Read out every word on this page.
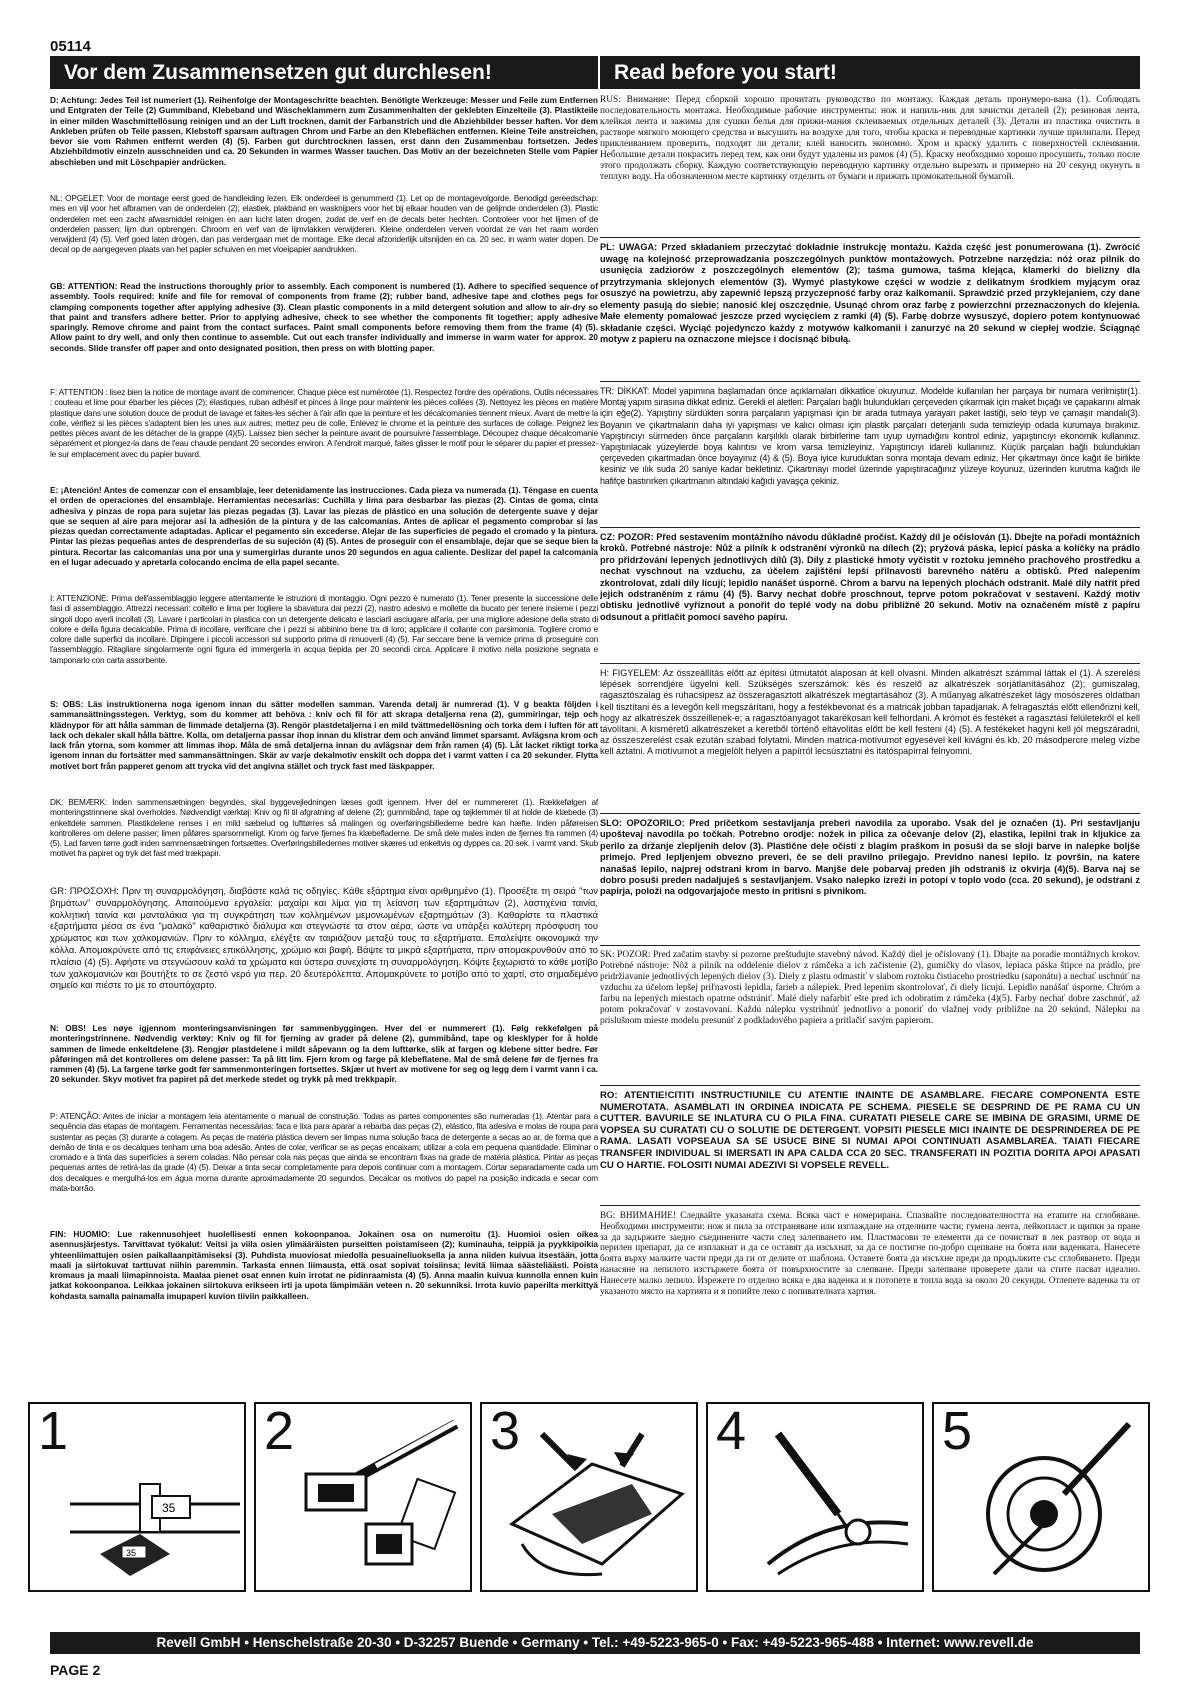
05114
Vor dem Zusammensetzen gut durchlesen!	Read before you start!
D: Achtung: Jedes Teil ist numeriert (1). Reihenfolge der Montageschritte beachten. Benötigte Werkzeuge: Messer und Feile zum Entfernen und Entgraten der Teile (2) Gummiband, Klebeband und Wäscheklammern zum Zusammenhalten der geklebten Einzelteile (3). Plastikteile in einer milden Waschmittellösung reinigen und an der Luft trocknen, damit der Farbanstrich und die Abziehbilder besser haften. Vor dem Ankleben prüfen ob Teile passen, Klebstoff sparsam auftragen Chrom und Farbe an den Klebeflächen entfernen. Kleine Teile anstreichen, bevor sie vom Rahmen entfernt werden (4) (5). Farben gut durchtrocknen lassen, erst dann den Zusammenbau fortsetzen. Jedes Abziehbildmotiv einzeln ausschneiden und ca. 20 Sekunden in warmes Wasser tauchen. Das Motiv an der bezeichneten Stelle vom Papier abschieben und mit Löschpapier andrücken.
NL: OPGELET: Voor de montage eerst goed de handleiding lezen. Elk onderdeel is genummerd (1). Let op de montagevolgorde. Benodigd gereedschap: mes en vijl voor het afbramen van de onderdelen (2); elastiek, plakband en wasknijpers voor het bij elkaar houden van de gelijmde onderdelen (3). Plastic onderdelen met een zacht afwasmiddel reinigen en aan lucht laten drogen, zodat de verf en de decals beter hechten. Controleer voor het lijmen of de onderdelen passen; lijm dun opbrengen. Chroom en verf van de lijmvlakken verwijderen. Kleine onderdelen verven voordat ze van het raam worden verwijderd (4) (5). Verf goed laten drogen, dan pas verdergaan met de montage. Elke decal afzonderlijk uitsnijden en ca. 20 sec. in warm water dopen. De decal op de aangegeven plaats van het papier schuiven en met vloeipapier aandrukken.
GB: ATTENTION: Read the instructions thoroughly prior to assembly. Each component is numbered (1). Adhere to specified sequence of assembly. Tools required: knife and file for removal of components from frame (2); rubber band, adhesive tape and clothes pegs for clamping components together after applying adhesive (3). Clean plastic components in a mild detergent solution and allow to air-dry so that paint and transfers adhere better. Prior to applying adhesive, check to see whether the components fit together; apply adhesive sparingly. Remove chrome and paint from the contact surfaces. Paint small components before removing them from the frame (4) (5). Allow paint to dry well, and only then continue to assemble. Cut out each transfer individually and immerse in warm water for approx. 20 seconds. Slide transfer off paper and onto designated position, then press on with blotting paper.
F: ATTENTION : lisez bien la notice de montage avant de commencer. Chaque pièce est numérotée (1). Respectez l'ordre des opérations. Outils nécessaires : couteau et lime pour ébarber les pièces (2); élastiques, ruban adhésif et pinces à linge pour maintenir les pièces collées (3). Nettoyez les pièces en matière plastique dans une solution douce de produit de lavage et faites-les sécher à l'air afin que la peinture et les décalcomanies tiennent mieux. Avant de mettre la colle, vérifiez si les pièces s'adaptent bien les unes aux autres; mettez peu de colle. Enlevez le chrome et la peinture des surfaces de collage. Peignez les petites pièces avant de les détacher de la grappe (4)(5). Laissez bien sécher la peinture avant de poursuivre l'assemblage. Découpez chaque décalcomanie séparément et plongez-la dans de l'eau chaude pendant 20 secondes environ. A l'endroit marqué, faites glisser le motif pour le séparer du papier et pressez-le sur emplacement avec du papier buvard.
E: ¡Atención! Antes de comenzar con el ensamblaje, leer detenidamente las instrucciones. Cada pieza va numerada (1). Téngase en cuenta el orden de operaciones del ensamblaje. Herramientas necesarias: Cuchilla y lima para desbarbar las piezas (2). Cintas de goma, cinta adhesiva y pinzas de ropa para sujetar las piezas pegadas (3). Lavar las piezas de plástico en una solución de detergente suave y dejar que se sequen al aire para mejorar así la adhesión de la pintura y de las calcomanías. Antes de aplicar el pegamento comprobar si las piezas quedan correctamente adaptadas. Aplicar el pegamento sin excederse. Alejar de las superficies de pegado el cromado y la pintura. Pintar las piezas pequeñas antes de desprenderlas de su sujeción (4) (5). Antes de proseguir con el ensamblaje, dejar que se seque bien la pintura. Recortar las calcomanías una por una y sumergirlas durante unos 20 segundos en agua caliente. Deslizar del papel la calcomanía en el lugar adecuado y apretarla colocando encima de ella papel secante.
I: ATTENZIONE: Prima dell'assemblaggio leggere attentamente le istruzioni di montaggio. Ogni pezzo è numerato (1). Tener presente la successione delle fasi di assemblaggio. Attrezzi necessari: coltello e lima per togliere la sbavatura dai pezzi (2), nastro adesivo e mollette da bucato per tenere insieme i pezzi singoli dopo averli incollati (3). Lavare i particolari in plastica con un detergente delicato e lasciarli asciugare all'aria, per una migliore adesione della strato di colore e della figura decalcabile. Prima di incollare, verificare che i pezzi si abbinino bene tra di loro; applicare il collante con parsimonia. Togliere cromo e colore dalle superfici da incollare. Dipingere i piccoli accessori sul supporto prima di rimuoverli (4) (5). Far seccare bene la vernice prima di proseguire con l'assemblaggio. Ritagliare singolarmente ogni figura ed immergerla in acqua tiepida per 20 secondi circa. Applicare il motivo nella posizione segnata e tamponarlo con carta assorbente.
S: OBS: Läs instruktionerna noga igenom innan du sätter modellen samman. Varenda detalj är numrerad (1). V g beakta följden i sammansättningsstegen. Verktyg, som du kommer att behöva : kniv och fil för att skrapa detaljerna rena (2), gummiringar, tejp och klädnypor för att hålla samman de limmade detaljerna (3). Rengör plastdetaljerna i en mild tvättmedellösning och torka dem i luften för att lack och dekaler skall hålla bättre. Kolla, om detaljerna passar ihop innan du klistrar dem och använd limmet sparsamt. Avlägsna krom och lack från ytorna, som kommer att limmas ihop. Måla de små detaljerna innan du avlägsnar dem från ramen (4) (5). Låt lacket riktigt torka igenom innan du fortsätter med sammansättningen. Skär av varje dekalmotiv enskilt och doppa det i varmt vatten i ca 20 sekunder. Flytta motivet bort från papperet genom att trycka vid det angivna stället och tryck fast med läskpapper.
DK: BEMÆRK: Inden sammensætningen begyndes, skal byggevejledningen læses godt igennem. Hver del er nummereret (1). Rækkefølgen af monteringstrinnene skal overholdes. Nødvendigt værktøj: Kniv og fil til afgratning af delene (2); gummibånd, tape og tøjklemmer til at holde de klæbede (3) enkeltdele sammen. Plastikdelene renses i en mild sæbelud og lufttørres så malingen og overføringsbillederne bedre kan hæfte. Inden påføreisen kontrolleres om delene passer; limen påføres sparsommeligt. Krom og farve fjernes fra klæbefladerne. De små dele males inden de fjernes fra rammen (4) (5). Lad farven tørre godt inden sammensætningen fortsættes. Overføringsbilledernes motiver skæres ud enkeltvis og dyppes ca. 20 sek. i varmt vand. Skub motivet fra papiret og tryk det fast med trækpapir.
GR: ΠΡΟΣΟΧΗ: Πριν τη συναρμολόγηση, διαβάστε καλά τις οδηγίες. Κάθε εξάρτημα είναι αριθμημένο (1). Προσέξτε τη σειρά "των βημάτων" συναρμολόγησης. Απαιτούμενα εργαλεία: μαχαίρι και λίμα για τη λείανση των εξαρτημάτων (2), λαστιχένια ταινία, κολλητική ταινία και μανταλάκια για τη συγκράτηση των κολλημένων μεμονωμένων εξαρτημάτων (3). Καθαρίστε τα πλαστικά εξαρτήματα μέσα σε ένα "μαλακό" καθαριστικό διάλυμα και στεγνώστε τα στον αέρα, ώστε να υπάρξει καλύτερη πρόσφυση του χρώματος και των χαλκομανιών. Πριν το κόλλημα, ελέγξτε αν ταιριάζουν μεταξύ τους τα εξαρτήματα. Επαλείψτε οικονομικά την κόλλα. Απομακρύνετε από τις επιφάνειες επικόλλησης, χρώμιο και βαφή. Βάψτε τα μικρά εξαρτήματα, πριν απομακρυνθούν από το πλαίσιο (4) (5). Αφήστε να στεγνώσουν καλά τα χρώματα και ύστερα συνεχίστε τη συναρμολόγηση. Κόψτε ξεχωριστά το κάθε μοτίβο των χαλκομανιών και βουτήξτε το σε ζεστό νερό για περ. 20 δευτερόλεπτα. Απομακρύνετε το μοτίβο από το χαρτί, στο σημαδεμένο σημείο και πιέστε το με το στουπόχαρτο.
N: OBS! Les nøye igjennom monteringsanvisningen før sammenbyggingen. Hver del er nummerert (1). Følg rekkefølgen på monteringstrinnene. Nødvendig verktøy: Kniv og fil for fjerning av grader på delene (2), gummibånd, tape og klesklyper for å holde sammen de limede enkeltdelene (3). Rengjør plastdelene i mildt såpevann og la dem lufttørke, slik at fargen og klebene sitter bedre. Før påføringen må det kontrolleres om delene passer: Ta på litt lim. Fjern krom og farge på klebeflatene. Mal de små delene før de fjernes fra rammen (4) (5). La fargene tørke godt før sammenmonteringen fortsettes. Skjær ut hvert av motivene for seg og legg dem i varmt vann i ca. 20 sekunder. Skyv motivet fra papiret på det merkede stedet og trykk på med trekkpapir.
P: ATENÇÃO: Antes de iniciar a montagem leia atentamente o manual de construção. Todas as partes componentes são numeradas (1). Atentar para a sequência das etapas de montagem. Ferramentas necessárias: faca e lixa para aparar a rebarba das peças (2), elástico, fita adesiva e molas de roupa para sustentar as peças (3) durante a colagem. As peças de matéria plástica devem ser limpas numa solução fraca de detergente a secas ao ar, de forma que a demão de tinta e os decalques tenham uma boa adesão. Antes de colar, verificar se as peças encaixam; utilizar a cola em pequena quantidade. Eliminar o cromado e a tinta das superfícies a serem coladas. Não pensar cola nas peças que ainda se encontram fixas na grade de matéria plástica. Pintar as peças pequenas antes de retirá-las da grade (4) (5). Deixar a tinta secar completamente para depois continuar com a montagem. Cortar separadamente cada um dos decalques e mergulhá-los em água morna durante aproximadamente 20 segundos. Decalcar os motivos do papel na posição indicada e secar com mata-borrão.
FIN: HUOMIO: Lue rakennusohjeet huolellisesti ennen kokoonpanoa. Jokainen osa on numeroitu (1). Huomioi osien oikea asennusjärjestys. Tarvittavat työkalut: Veitsi ja viila osien ylimääräisten purseitten poistamiseen (2); kuminauha, teippiä ja pyykkipoikia yhteenliimattujen osien paikallaanpitämiseksi (3). Puhdista muoviosat miedolla pesuaineliuoksella ja anna niiden kuivua itsestään, jotta maali ja siirtokuvat tarttuvat niihin paremmin. Tarkasta ennen liimausta, että osat sopivat toisiinsa; levitä liimaa säästeliäästi. Poista kromaus ja maali liimapinnoista. Maalaa pienet osat ennen kuin irrotat ne pidinraamista (4) (5). Anna maalin kuivua kunnolla ennen kuin jatkat kokoonpanoa. Leikkaa jokainen siirtokuva erikseen irti ja upota lämpimään veteen n. 20 sekunniksi. Irrota kuvio paperilta merkittyä kohdasta samalla painamalla imupaperi kuvion tiiviin paikkalleen.
RUS: Внимание: Перед сборкой хорошо прочитать руководство по монтажу. Каждая деталь пронумеро-вана (1). Соблюдать последовательность монтажа. Необходимые рабочие инструменты: нож и напиль-ник для зачистки деталей (2); резиновая лента, клейкая лента и зажимы для сушки белья для прижи-мания склеиваемых отдельных деталей (3). Детали из пластика очистить в растворе мягкого моющего средства и высушить на воздухе для того, чтобы краска и переводные картинки лучше прилипали. Перед приклеиванием проверить, подходят ли детали; клей наносить экономно. Хром и краску удалить с поверхностей склеивания. Небольшие детали покрасить перед тем, как они будут удалены из рамок (4) (5). Краску необходимо хорошо просушить, только после этого продолжать сборку. Каждую соответствующую переводную картинку отдельно вырезать и примерно на 20 секунд окунуть в теплую воду. На обозначенном месте картинку отделить от бумаги и прижать промокательной бумагой.
PL: UWAGA: Przed składaniem przeczytać dokładnie instrukcję montażu. Każda część jest ponumerowana (1). Zwrócić uwagę na kolejność przeprowadzania poszczególnych punktów montażowych. Potrzebne narzędzia: nóż oraz pilnik do usunięcia zadziorów z poszczególnych elementów (2); taśma gumowa, taśma klejąca, klamerki do bielizny dla przytrzymania sklejonych elementów (3). Wymyć plastykowe części w wodzie z delikatnym środkiem myjącym oraz osuszyć na powietrzu, aby zapewnić lepszą przyczepność farby oraz kalkomanii. Sprawdzić przed przyklejaniem, czy dane elementy pasują do siebie; nanosić klej oszczędnie. Usunąć chrom oraz farbę z powierzchni przeznaczonych do klejenia. Małe elementy pomalować jeszcze przed wycięciem z ramki (4) (5). Farbę dobrze wysuszyć, dopiero potem kontynuować składanie części. Wyciąć pojedynczo każdy z motywów kalkomanii i zanurzyć na 20 sekund w ciepłej wodzie. Ściągnąć motyw z papieru na oznaczone miejsce i docisnąć bibułą.
TR: DİKKAT: Model yapımına başlamadan önce açıklamaları dikkatlice okuyunuz. Modelde kullanılan her parçaya bir numara verilmiştir(1). Montaj yapım sırasına dikkat ediniz. Gerekli el aletleri: Parçaları bağlı bulundukları çerçeveden çıkarmak için maket bıçağı ve çapakarını almak için eğe(2). Yapıştırıy sürdükten sonra parçaların yapışması için bir arada tutmaya yarayan paket lastiği, selo teyp ve çamaşır mandalı(3). Boyanın ve çıkartmaların daha iyi yapışması ve kalıcı olması için plastik parçaları deterjanlı suda temizleyip odada kurumaya bırakınız. Yapıştırıcıyı sürmeden önce parçaların karşılıklı olarak birbirlerine tam uyup uymadığını kontrol ediniz, yapıştırıcıyı ekonomik kullanınız. Yapıştırılacak yüzeylerde boya kalıntısı ve krom varsa temizleyiniz. Yapıştırıcıyı idareli kullanınız. Küçük parçaları bağlı bulundukları çerçeveden çıkartmadan önce boyayınız (4) & (5). Boya iyice kuruduktan sonra montaja devam ediniz. Her çıkartmayı önce kağıt ile birlikte kesiniz ve ılık suda 20 saniye kadar bekletiniz. Çıkartmayı model üzerinde yapıştıracağınız yüzeye koyunuz, üzerinden kurutma kağıdı ile hafifçe bastırırken çıkartmanın altındaki kağıdı yavaşça çekiniz.
CZ: POZOR: Před sestavením montážního návodu důkladně pročíst. Každý díl je očíslován (1). Dbejte na pořadí montážních kroků. Potřebné nástroje: Nůž a pilník k odstranění výronků na dílech (2); pryžová páska, lepicí páska a kolíčky na prádlo pro přidržování lepených jednotlivých dílů (3). Díly z plastické hmoty vyčistit v roztoku jemného prachového prostředku a nechat vyschnout na vzduchu, za účelem zajištění lepší přilnavosti barevného nátěru a obtisků. Před nalepením zkontrolovat, zdali díly lícují; lepidlo nanášet úsporně. Chrom a barvu na lepených plochách odstranit. Malé díly natřít před jejich odstraněním z rámu (4) (5). Barvy nechat dobře proschnout, teprve potom pokračovat v sestavení. Každý motiv obtisku jednotlivě vyříznout a ponořit do teplé vody na dobu přibližně 20 sekund. Motiv na označeném místě z papíru odsunout a přitlačit pomocí savého papíru.
H: FIGYELEM: Az összeállítás előtt az építési útmutatót alaposan át kell olvasni. Minden alkatrészt számmal láttak el (1). A szerelési lépések sorrendjére ügyelni kell. Szükséges szerszámok: kés és reszelő az alkatrészek sorjátlanításához (2); gumiszalag, ragasztószalag és ruhacsipesz az összeragasztott alkatrészek megtartásához (3). A műanyag alkatrészeket lágy mosószeres oldatban kell tisztítani és a levegőn kell megszárítani, hogy a festékbevonat és a matricák jobban tapadjanak. A felragasztás előtt ellenőrizni kell, hogy az alkatrészek összeillenek-e; a ragasztóanyagot takarékosan kell felhordani. A krómot és festéket a ragasztási felületekről el kell távolítani. A kisméretű alkatrészeket a keretből történő eltávolítás előtt be kell festeni (4) (5). A festékeket hagyni kell jól megszáradni, az összeszerelést csak ezután szabad folytatni. Minden matrica-motívumot egyesével kell kivágni és kb. 20 másodpercre meleg vízbe kell áztatni. A motívumot a megjelölt helyen a papírról lecsúsztatni és itatóspapírral felnyomni.
SLO: OPOZORILO: Pred pričetkom sestavljanja preberi navodila za uporabo. Vsak del je označen (1). Pri sestavljanju upoštevaj navodila po točkah. Potrebno orodje: nožek in pilica za očevanje delov (2), elastika, lepilni trak in kljukice za perilo za držanje zlepljenih delov (3). Plastične dele očisti z blagim praškom in posuši da se sloji barve in nalepke boljše primejo. Pred lepljenjem obvezno preveri, če se deli pravilno prilegajo. Previdno nanesi lepilo. Iz površin, na katere nanašaš lepilo, najprej odstrani krom in barvo. Manjše dele pobarvaj preden jih odstraniš iz okvirja (4)(5). Barva naj se dobro posuši preden nadaljuješ s sestavljanjem. Vsako nalepko izreži in potopi v toplo vodo (cca. 20 sekund), je odstrani z papirja, položi na odgovarjajoče mesto in pritisni s pivnikom.
SK: POZOR: Pred začatím stavby si pozorne preštudujte stavebný návod. Každý diel je očíslovaný (1). Dbajte na poradie montážnych krokov. Potrebné nástroje: Nôž a pilník na oddelenie dielov z rámčeka a ich začistenie (2), gumičky do vlasov, lepiaca páska štipce na prádlo, pre pridržiavanie jednotlivých lepených dielov (3). Diely z plastu odmastiť v slabom roztoku čistiaceho prostriedku (saponátu) a nechať uschnúť na vzduchu za účelom lepšej priľnavosti lepidla, farieb a nálepiek. Pred lepením skontrolovať, či diely lícujú. Lepidlo nanášať úsporne. Chróm a farbu na lepených miestach opatrne odstrániť. Malé diely nafarbiť ešte pred ich odobratím z rámčeka (4)(5). Farby nechať dobre zaschnúť, až potom pokračovať v zostavovaní. Každú nálepku vystrihnúť jednotlivo a ponoriť do vlažnej vody približne na 20 sekúnd. Nálepku na príslušnom mieste modelu presunúť z podkladového papiera a pritlačiť savým papierom.
RO: ATENTIE!CITITI INSTRUCTIUNILE CU ATENTIE INAINTE DE ASAMBLARE. FIECARE COMPONENTA ESTE NUMEROTATA. ASAMBLATI IN ORDINEA INDICATA PE SCHEMA. PIESELE SE DESPRIND DE PE RAMA CU UN CUTTER. BAVURILE SE INLATURA CU O PILA FINA. CURATATI PIESELE CARE SE IMBINA DE GRASIMI, URME DE VOPSEA SU CURATATI CU O SOLUTIE DE DETERGENT. VOPSITI PIESELE MICI INAINTE DE DESPRINDEREA DE PE RAMA. LASATI VOPSEAUA SA SE USUCE BINE SI NUMAI APOI CONTINUATI ASAMBLAREA. TAIATI FIECARE TRANSFER INDIVIDUAL SI IMERSATI IN APA CALDA CCA 20 SEC. TRANSFERATI IN POZITIA DORITA APOI APASATI CU O HARTIE. FOLOSITI NUMAI ADEZIVI SI VOPSELE REVELL.
BG: ВНИМАНИЕ! Следвайте указаната схема. Всяка част е номерирана. Спазвайте последователността на етапите на сглобяване. Необходими инструменти: нож и пила за отстраняване или изглаждане на отделните части; гумена лента, лейкопласт и щипки за пране за да задържите заедно съединените части след залепването им. Пластмасови те елементи да се почистват в лек разтвор от вода и перилен препарат, да се изплакнат и да се оставят да изсъхнат, за да се постигне по-добро сцепване на боята или ваденката. Нанесете боята върху малките части преди да ги от делите от шаблона. Оставете боята да изсъхне преди да продължите със сглобяването. Преди нанасяне на лепилото изстържете боята от повърхностите за слепване. Преди залепване проверете дали ча стите пасват идеално. Нанесете малко лепило. Изрежете го отделно всяка е два ваденка и я потопете в топла вода за около 20 секунди. Отлепете ваденка та от указаното място на хартията и я попийте леко с попивателната хартия.
35
35
1	2	3	4	5
Revell GmbH • Henschelstraße 20-30 • D-32257 Buende • Germany • Tel.: +49-5223-965-0 • Fax: +49-5223-965-488 • Internet: www.revell.de
PAGE 2
